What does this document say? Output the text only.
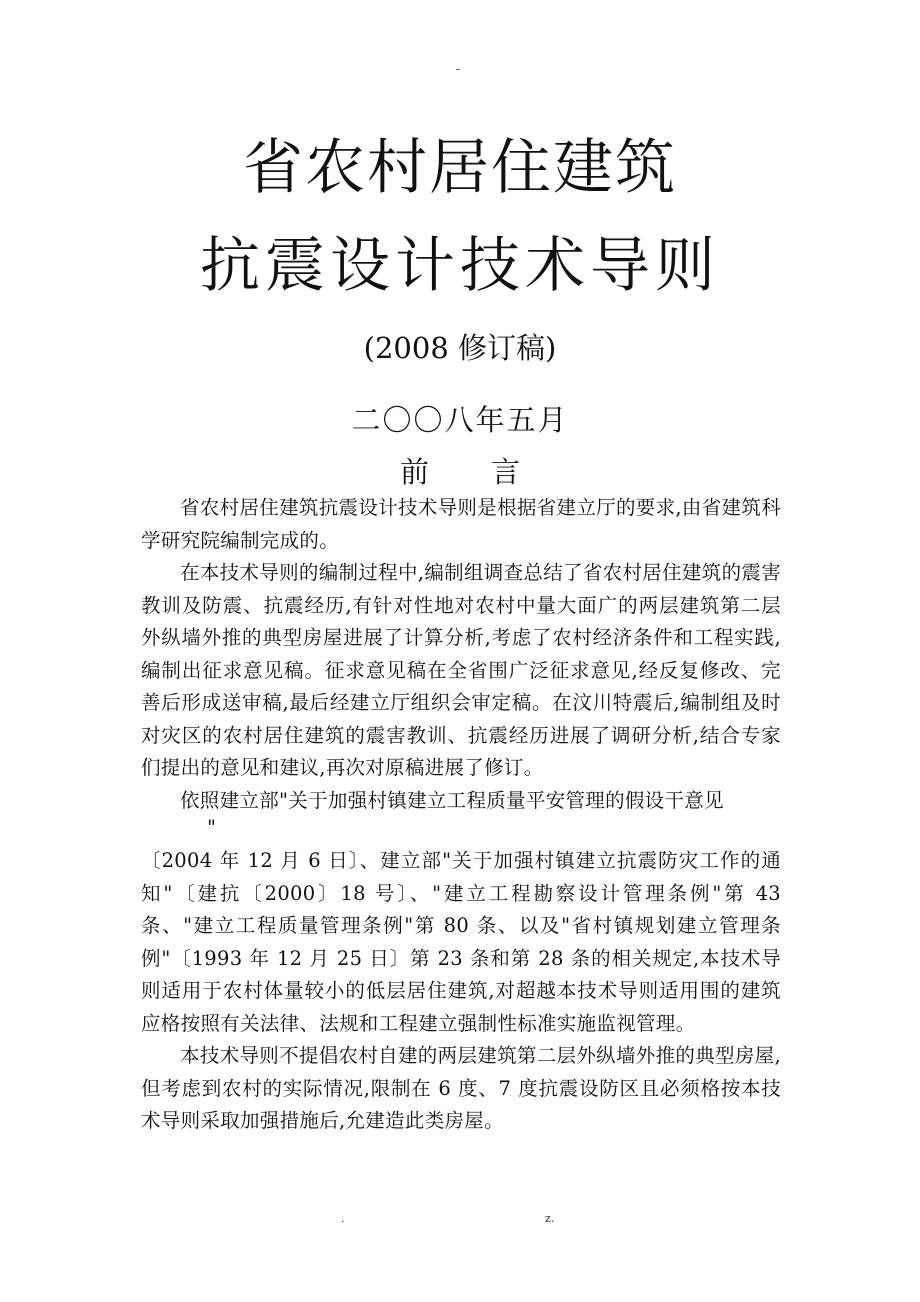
-
省农村居住建筑
抗震设计技术导则
(2008 修订稿)
二〇〇八年五月
前 言

省农村居住建筑抗震设计技术导则是根据省建立厅的要求,由省建筑科学研究院编制完成的。

在本技术导则的编制过程中,编制组调查总结了省农村居住建筑的震害教训及防震、抗震经历,有针对性地对农村中量大面广的两层建筑第二层外纵墙外推的典型房屋进展了计算分析,考虑了农村经济条件和工程实践,编制出征求意见稿。征求意见稿在全省围广泛征求意见,经反复修改、完善后形成送审稿,最后经建立厅组织会审定稿。在汶川特震后,编制组及时对灾区的农村居住建筑的震害教训、抗震经历进展了调研分析,结合专家们提出的意见和建议,再次对原稿进展了修订。

依照建立部"关于加强村镇建立工程质量平安管理的假设干意见

"

〔2004 年 12 月 6 日〕、建立部"关于加强村镇建立抗震防灾工作的通知"〔建抗〔2000〕18 号〕、"建立工程勘察设计管理条例"第 43 条、"建立工程质量管理条例"第 80 条、以及"省村镇规划建立管理条例"〔1993 年 12 月 25 日〕第 23 条和第 28 条的相关规定,本技术导则适用于农村体量较小的低层居住建筑,对超越本技术导则适用围的建筑应格按照有关法律、法规和工程建立强制性标准实施监视管理。

本技术导则不提倡农村自建的两层建筑第二层外纵墙外推的典型房屋,但考虑到农村的实际情况,限制在 6 度、7 度抗震设防区且必须格按本技术导则采取加强措施后,允建造此类房屋。

.	z.
